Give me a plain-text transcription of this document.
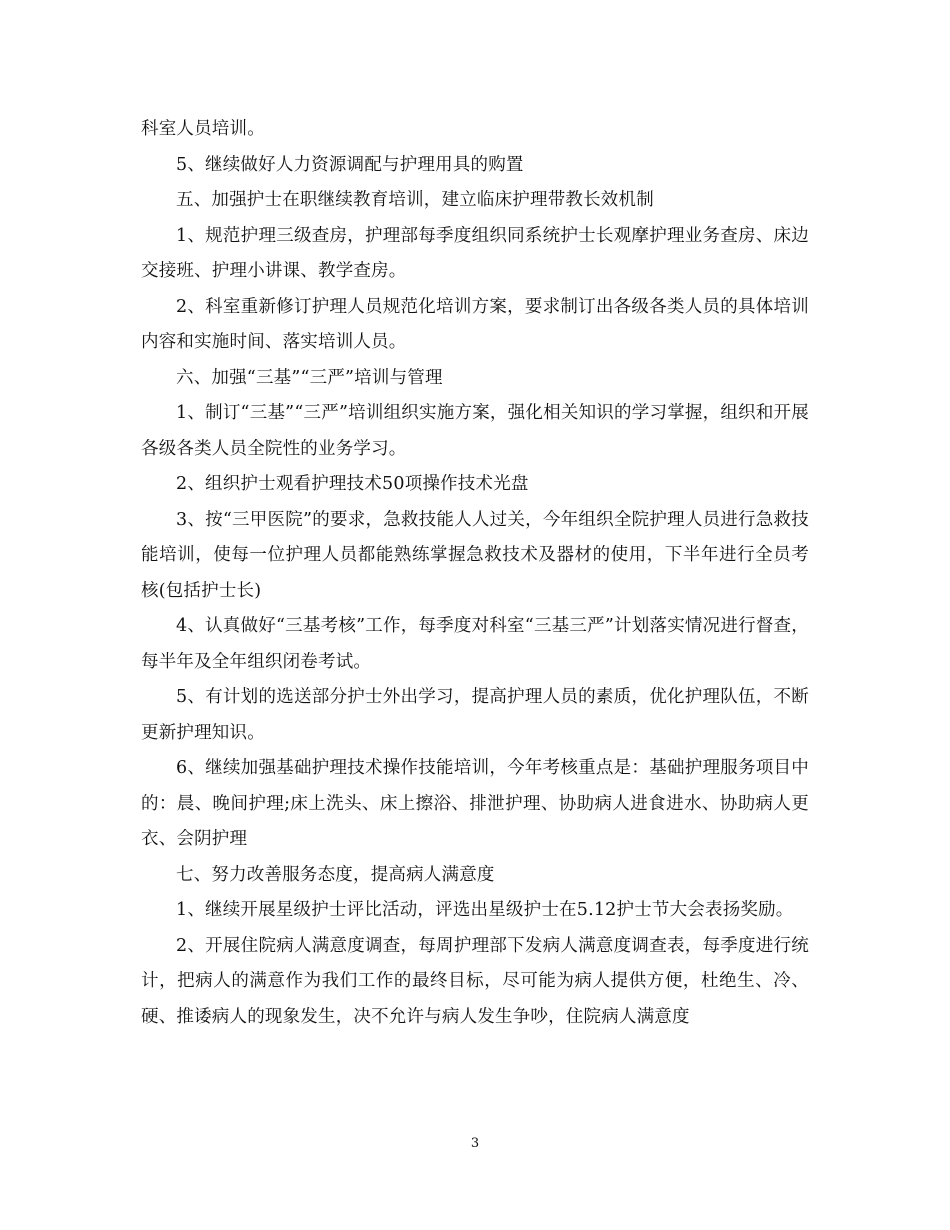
科室人员培训。

5、继续做好人力资源调配与护理用具的购置

五、加强护士在职继续教育培训，建立临床护理带教长效机制

1、规范护理三级查房，护理部每季度组织同系统护士长观摩护理业务查房、床边交接班、护理小讲课、教学查房。

2、科室重新修订护理人员规范化培训方案，要求制订出各级各类人员的具体培训内容和实施时间、落实培训人员。

六、加强“三基”“三严”培训与管理

1、制订“三基”“三严”培训组织实施方案，强化相关知识的学习掌握，组织和开展各级各类人员全院性的业务学习。

2、组织护士观看护理技术50项操作技术光盘

3、按“三甲医院”的要求，急救技能人人过关，今年组织全院护理人员进行急救技能培训，使每一位护理人员都能熟练掌握急救技术及器材的使用，下半年进行全员考核(包括护士长)

4、认真做好“三基考核”工作，每季度对科室“三基三严”计划落实情况进行督查，每半年及全年组织闭卷考试。

5、有计划的选送部分护士外出学习，提高护理人员的素质，优化护理队伍，不断更新护理知识。

6、继续加强基础护理技术操作技能培训，今年考核重点是：基础护理服务项目中的：晨、晚间护理;床上洗头、床上擦浴、排泄护理、协助病人进食进水、协助病人更衣、会阴护理

七、努力改善服务态度，提高病人满意度

1、继续开展星级护士评比活动，评选出星级护士在5.12护士节大会表扬奖励。

2、开展住院病人满意度调查，每周护理部下发病人满意度调查表，每季度进行统计，把病人的满意作为我们工作的最终目标，尽可能为病人提供方便，杜绝生、冷、硬、推诿病人的现象发生，决不允许与病人发生争吵，住院病人满意度

3
